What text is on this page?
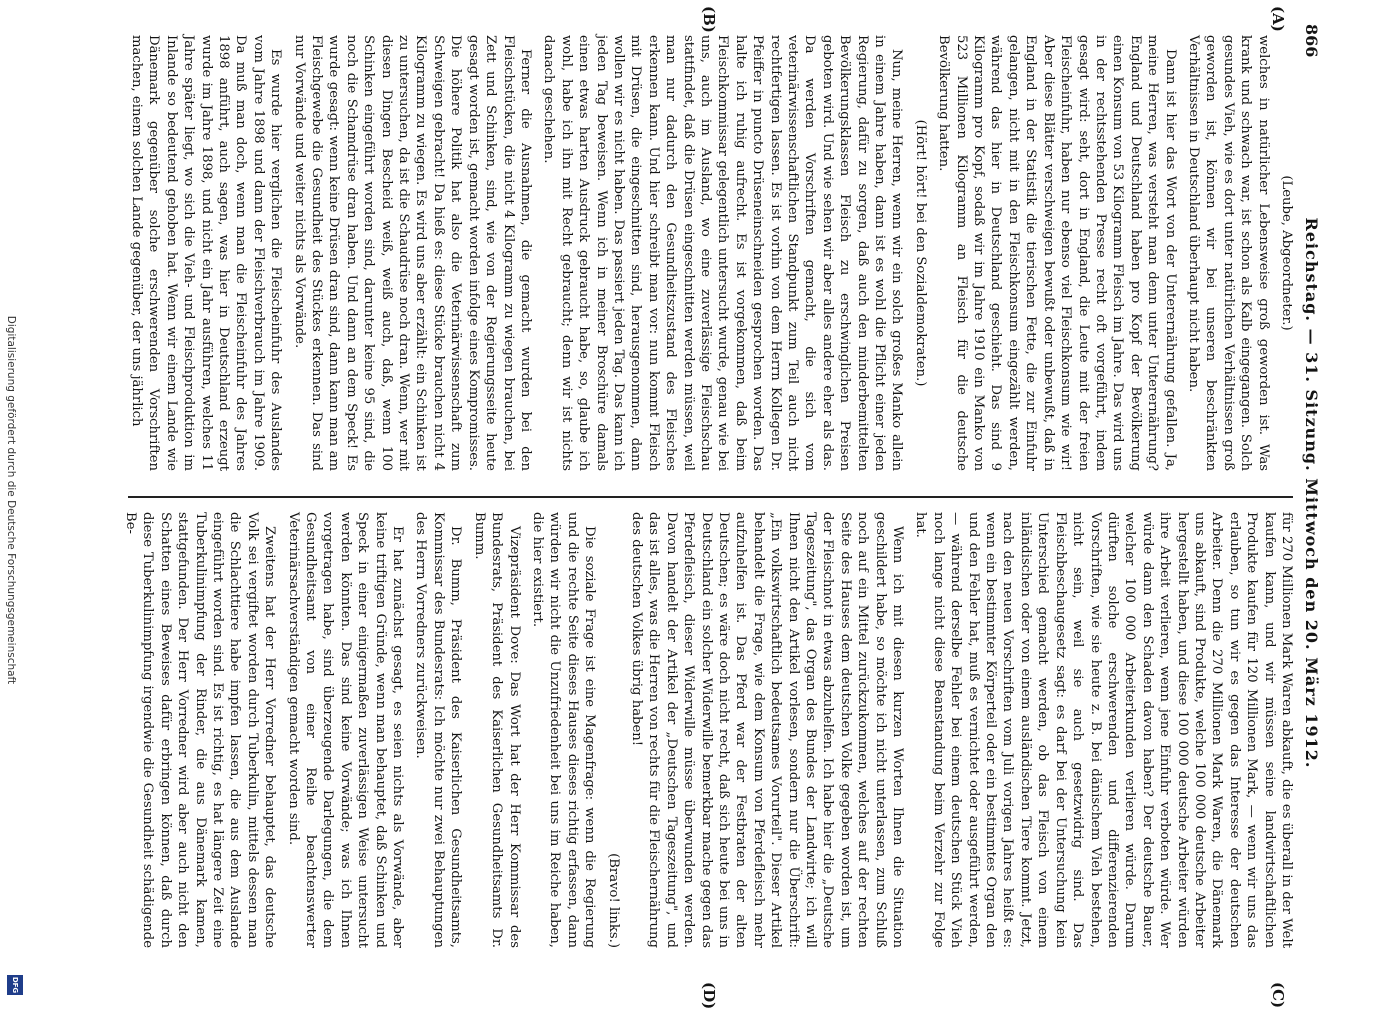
866
Reichstag. — 31. Sitzung. Mittwoch den 20. März 1912.
(A)
(B)
(C)
(D)

(Leube, Abgeordneter.)

welches in natürlicher Lebensweise groß geworden ist. Was krank und schwach war, ist schon als Kalb eingegangen. Solch gesundes Vieh, wie es dort unter natürlichen Verhältnissen groß geworden ist, können wir bei unseren beschränkten Verhältnissen in Deutschland überhaupt nicht haben.

Dann ist hier das Wort von der Unterernährung gefallen. Ja, meine Herren, was versteht man denn unter Unterernährung? England und Deutschland haben pro Kopf der Bevölkerung einen Konsum von 53 Kilogramm Fleisch im Jahre. Das wird uns in der rechtsstehenden Presse recht oft vorgeführt, indem gesagt wird: seht, dort in England, die Leute mit der freien Fleischeinfuhr, haben nur ebenso viel Fleischkonsum wie wir! Aber diese Blätter verschweigen bewußt oder unbewußt, daß in England in der Statistik die tierischen Fette, die zur Einfuhr gelangen, nicht mit in den Fleischkonsum eingezählt werden, während das hier in Deutschland geschieht. Das sind 9 Kilogramm pro Kopf, sodaß wir im Jahre 1910 ein Manko von 523 Millionen Kilogramm an Fleisch für die deutsche Bevölkerung hatten.

(Hört! hört! bei den Sozialdemokraten.)

Nun, meine Herren, wenn wir ein solch großes Manko allein in einem Jahre haben, dann ist es wohl die Pflicht einer jeden Regierung, dafür zu sorgen, daß auch den minderbemittelten Bevölkerungsklassen Fleisch zu erschwinglichen Preisen geboten wird. Und wie sehen wir aber alles andere eher als das. Da werden Vorschriften gemacht, die sich vom veterinärwissenschaftlichen Standpunkt zum Teil auch nicht rechtfertigen lassen. Es ist vorhin von dem Herrn Kollegen Dr. Pfeiffer in puncto Drüseneinschneiden gesprochen worden. Das halte ich ruhig aufrecht. Es ist vorgekommen, daß beim Fleischkommissar gelegentlich untersucht wurde, genau wie bei uns, auch im Ausland, wo eine zuverlässige Fleischschau stattfindet, daß die Drüsen eingeschnitten werden müssen, weil man nur dadurch den Gesundheitszustand des Fleisches erkennen kann. Und hier schreibt man vor: nun kommt Fleisch mit Drüsen, die eingeschnitten sind, herausgenommen, dann wollen wir es nicht haben. Das passiert jeden Tag. Das kann ich jeden Tag beweisen. Wenn ich in meiner Broschüre damals einen etwas harten Ausdruck gebraucht habe, so, glaube ich wohl, habe ich ihn mit Recht gebraucht; denn wir ist nichts danach geschehen.

Ferner die Ausnahmen, die gemacht wurden bei den Fleischstücken, die nicht 4 Kilogramm zu wiegen brauchen, bei Zett und Schinken, sind, wie von der Regierungsseite heute gesagt worden ist, gemacht worden infolge eines Kompromisses. Die höhere Politik hat also die Veterinärwissenschaft zum Schweigen gebracht! Da hieß es: diese Stücke brauchen nicht 4 Kilogramm zu wiegen. Es wird uns aber erzählt: ein Schinken ist zu untersuchen, da ist die Schaudrüse noch dran. Wenn, wer mit diesen Dingen Bescheid weiß, weiß auch, daß, wenn 100 Schinken eingeführt worden sind, darunter keine 95 sind, die noch die Schamdrüse dran haben. Und dann an dem Speck! Es wurde gesagt: wenn keine Drüsen dran sind, dann kann man am Fleischgewebe die Gesundheit des Stückes erkennen. Das sind nur Vorwände und weiter nichts als Vorwände.

Es wurde hier verglichen die Fleischeinfuhr des Auslandes vom Jahre 1898 und dann der Fleischverbrauch im Jahre 1909. Da muß man doch, wenn man die Fleischeinfuhr des Jahres 1898 anführt, auch sagen, was hier in Deutschland erzeugt wurde im Jahre 1898, und nicht ein Jahr ausführen, welches 11 Jahre später liegt, wo sich die Vieh- und Fleischproduktion im Inlande so bedeutend gehoben hat. Wenn wir einem Lande wie Dänemark gegenüber solche erschwerenden Vorschriften machen, einem solchen Lande gegenüber, der uns jährlich

für 270 Millionen Mark Waren abkauft, die es überall in der Welt kaufen kann, und wir müssen seine landwirtschaftlichen Produkte kaufen für 120 Millionen Mark, — wenn wir uns das erlauben, so tun wir es gegen das Interesse der deutschen Arbeiter. Denn die 270 Millionen Mark Waren, die Dänemark uns abkauft, sind Produkte, welche 100 000 deutsche Arbeiter hergestellt haben, und diese 100 000 deutsche Arbeiter würden ihre Arbeit verlieren, wenn jene Einfuhr verboten würde. Wer würde dann den Schaden davon haben? Der deutsche Bauer, welcher 100 000 Arbeiterkunden verlieren würde. Darum dürften solche erschwerenden und differenzierenden Vorschriften, wie sie heute z. B. bei dänischem Vieh bestehen, nicht sein, weil sie auch gesetzwidrig sind. Das Fleischbeschaugesetz sagt: es darf bei der Untersuchung kein Unterschied gemacht werden, ob das Fleisch von einem inländischen oder von einem ausländischen Tiere kommt. Jetzt, nach den neuen Vorschriften vom Juli vorigen Jahres heißt es: wenn ein bestimmter Körperteil oder ein bestimmtes Organ den und den Fehler hat, muß es vernichtet oder ausgeführt werden, — während derselbe Fehler bei einem deutschen Stück Vieh noch lange nicht diese Beanstandung beim Verzehr zur Folge hat.

Wenn ich mit diesen kurzen Worten Ihnen die Situation geschildert habe, so möchte ich nicht unterlassen, zum Schluß noch auf ein Mittel zurückzukommen, welches auf der rechten Seite des Hauses dem deutschen Volke gegeben worden ist, um der Fleischnot in etwas abzuhelfen. Ich habe hier die „Deutsche Tageszeitung", das Organ des Bundes der Landwirte; ich will Ihnen nicht den Artikel vorlesen, sondern nur die Überschrift: „Ein volkswirtschaftlich bedeutsames Vorurteil". Dieser Artikel behandelt die Frage, wie dem Konsum von Pferdefleisch mehr aufzuhelfen ist. Das Pferd war der Festbraten der alten Deutschen; es wäre doch nicht recht, daß sich heute bei uns in Deutschland ein solcher Widerwille bemerkbar mache gegen das Pferdefleisch, dieser Widerwille müsse überwunden werden. Davon handelt der Artikel der „Deutschen Tageszeitung", und das ist alles, was die Herren von rechts für die Fleischernährung des deutschen Volkes übrig haben!

(Bravo! links.)

Die soziale Frage ist eine Magenfrage: wenn die Regierung und die rechte Seite dieses Hauses dieses richtig erfassen, dann würden wir nicht die Unzufriedenheit bei uns im Reiche haben, die hier existiert.

Vizepräsident Dove: Das Wort hat der Herr Kommissar des Bundesrats, Präsident des Kaiserlichen Gesundheitsamts Dr. Bumm.

Dr. Bumm, Präsident des Kaiserlichen Gesundheitsamts, Kommissar des Bundesrats: Ich möchte nur zwei Behauptungen des Herrn Vorredners zurückweisen.

Er hat zunächst gesagt, es seien nichts als Vorwände, aber keine triftigen Gründe, wenn man behauptet, daß Schinken und Speck in einer einigermaßen zuverlässigen Weise untersucht werden könnten. Das sind keine Vorwände; was ich Ihnen vorgetragen habe, sind überzeugende Darlegungen, die dem Gesundheitsamt von einer Reihe beachtenswerter Veterinärsachverständigen gemacht worden sind.

Zweitens hat der Herr Vorredner behauptet, das deutsche Volk sei vergiftet worden durch Tuberkulin, mittels dessen man die Schlachttiere habe impfen lassen, die aus dem Auslande eingeführt worden sind. Es ist richtig, es hat längere Zeit eine Tuberkulinimpfung der Rinder, die aus Dänemark kamen, stattgefunden. Der Herr Vorredner wird aber auch nicht den Schatten eines Beweises dafür erbringen können, daß durch diese Tuberkulinimpfung irgendwie die Gesundheit schädigende Be-

Digitalisierung gefördert durch die Deutsche Forschungsgemeinschaft
DFG
